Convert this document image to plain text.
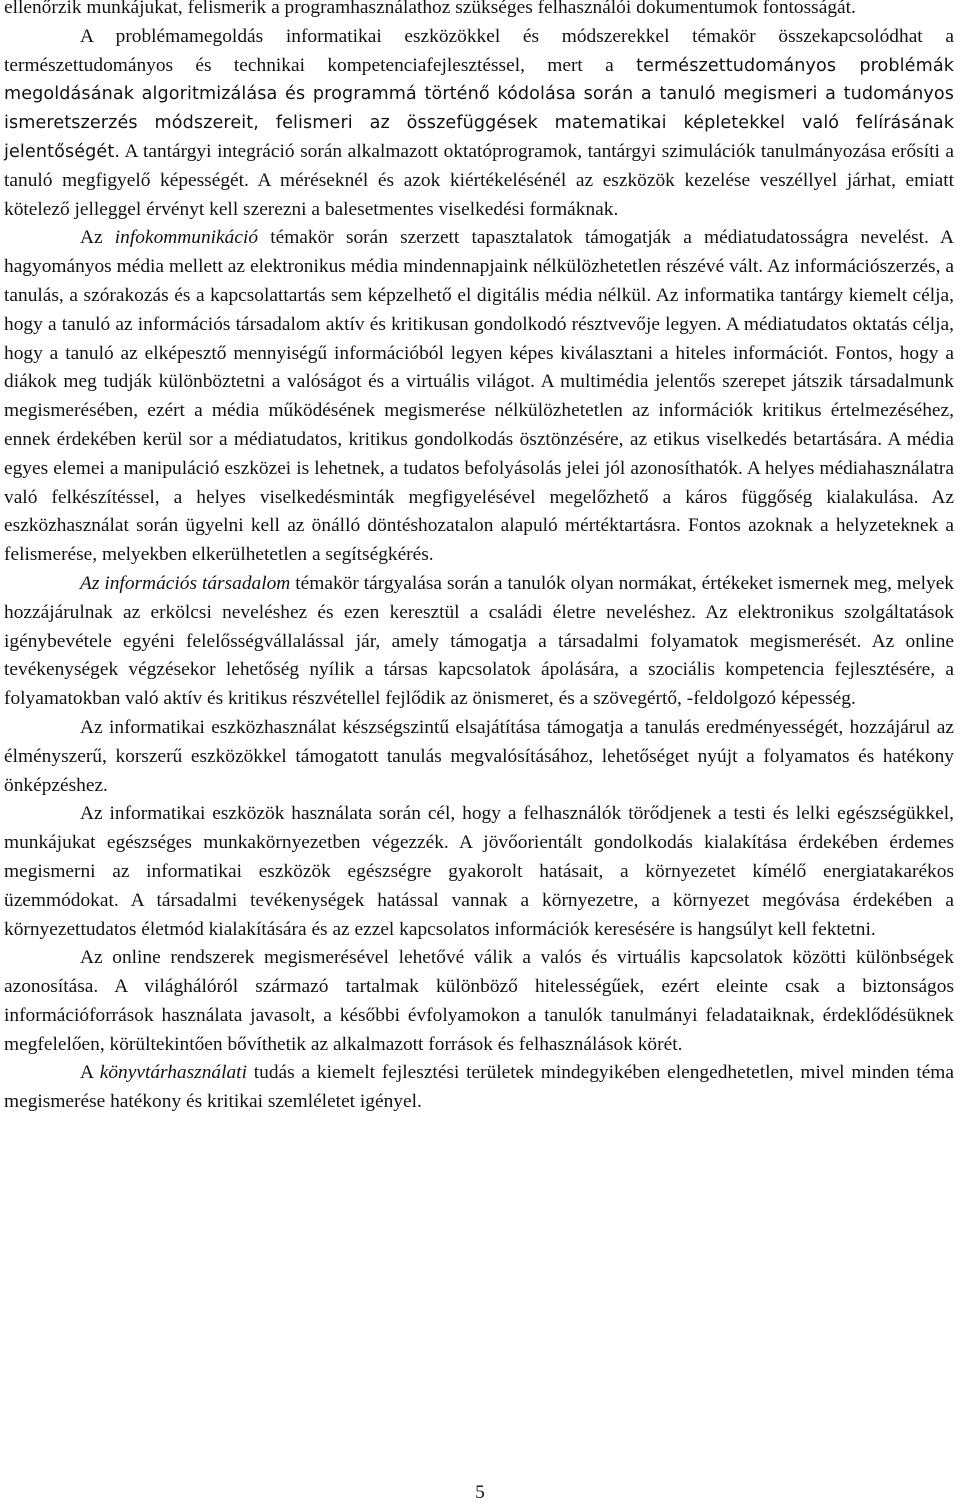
ellenőrzik munkájukat, felismerik a programhasználathoz szükséges felhasználói dokumentumok fontosságát.

A problémamegoldás informatikai eszközökkel és módszerekkel témakör összekapcsolódhat a természettudományos és technikai kompetenciafejlesztéssel, mert a természettudományos problémák megoldásának algoritmizálása és programmá történő kódolása során a tanuló megismeri a tudományos ismeretszerzés módszereit, felismeri az összefüggések matematikai képletekkel való felírásának jelentőségét. A tantárgyi integráció során alkalmazott oktatóprogramok, tantárgyi szimulációk tanulmányozása erősíti a tanuló megfigyelő képességét. A méréseknél és azok kiértékelésénél az eszközök kezelése veszéllyel járhat, emiatt kötelező jelleggel érvényt kell szerezni a balesetmentes viselkedési formáknak.

Az infokommunikáció témakör során szerzett tapasztalatok támogatják a médiatudatosságra nevelést. A hagyományos média mellett az elektronikus média mindennapjaink nélkülözhetetlen részévé vált. Az információszerzés, a tanulás, a szórakozás és a kapcsolattartás sem képzelhető el digitális média nélkül. Az informatika tantárgy kiemelt célja, hogy a tanuló az információs társadalom aktív és kritikusan gondolkodó résztvevője legyen. A médiatudatos oktatás célja, hogy a tanuló az elképesztő mennyiségű információból legyen képes kiválasztani a hiteles információt. Fontos, hogy a diákok meg tudják különböztetni a valóságot és a virtuális világot. A multimédia jelentős szerepet játszik társadalmunk megismerésében, ezért a média működésének megismerése nélkülözhetetlen az információk kritikus értelmezéséhez, ennek érdekében kerül sor a médiatudatos, kritikus gondolkodás ösztönzésére, az etikus viselkedés betartására. A média egyes elemei a manipuláció eszközei is lehetnek, a tudatos befolyásolás jelei jól azonosíthatók. A helyes médiahasználatra való felkészítéssel, a helyes viselkedésminták megfigyelésével megelőzhető a káros függőség kialakulása. Az eszközhasználat során ügyelni kell az önálló döntéshozatalon alapuló mértéktartásra. Fontos azoknak a helyzeteknek a felismerése, melyekben elkerülhetetlen a segítségkérés.

Az információs társadalom témakör tárgyalása során a tanulók olyan normákat, értékeket ismernek meg, melyek hozzájárulnak az erkölcsi neveléshez és ezen keresztül a családi életre neveléshez. Az elektronikus szolgáltatások igénybevétele egyéni felelősségvállalással jár, amely támogatja a társadalmi folyamatok megismerését. Az online tevékenységek végzésekor lehetőség nyílik a társas kapcsolatok ápolására, a szociális kompetencia fejlesztésére, a folyamatokban való aktív és kritikus részvétellel fejlődik az önismeret, és a szövegértő, -feldolgozó képesség.

Az informatikai eszközhasználat készségszintű elsajátítása támogatja a tanulás eredményességét, hozzájárul az élményszerű, korszerű eszközökkel támogatott tanulás megvalósításához, lehetőséget nyújt a folyamatos és hatékony önképzéshez.

Az informatikai eszközök használata során cél, hogy a felhasználók törődjenek a testi és lelki egészségükkel, munkájukat egészséges munkakörnyezetben végezzék. A jövőorientált gondolkodás kialakítása érdekében érdemes megismerni az informatikai eszközök egészségre gyakorolt hatásait, a környezetet kímélő energiatakarékos üzemmódokat. A társadalmi tevékenységek hatással vannak a környezetre, a környezet megóvása érdekében a környezettudatos életmód kialakítására és az ezzel kapcsolatos információk keresésére is hangsúlyt kell fektetni.

Az online rendszerek megismerésével lehetővé válik a valós és virtuális kapcsolatok közötti különbségek azonosítása. A világhálóról származó tartalmak különböző hitelességűek, ezért eleinte csak a biztonságos információforrások használata javasolt, a későbbi évfolyamokon a tanulók tanulmányi feladataiknak, érdeklődésüknek megfelelően, körültekintően bővíthetik az alkalmazott források és felhasználások körét.

A könyvtárhasználati tudás a kiemelt fejlesztési területek mindegyikében elengedhetetlen, mivel minden téma megismerése hatékony és kritikai szemléletet igényel.

5
